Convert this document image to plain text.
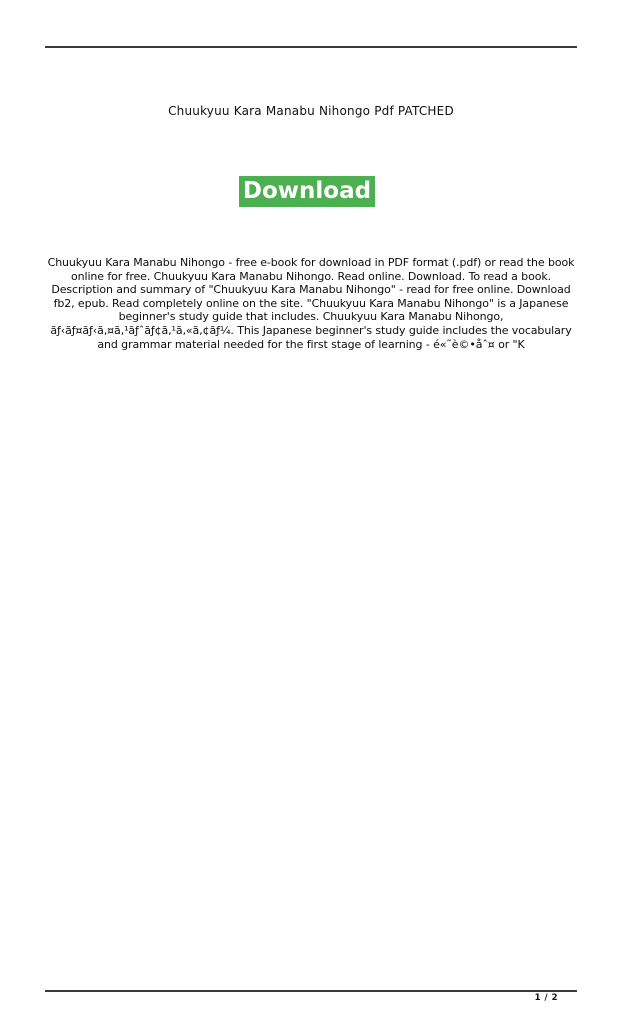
Chuukyuu Kara Manabu Nihongo Pdf PATCHED
Download
Chuukyuu Kara Manabu Nihongo - free e-book for download in PDF format (.pdf) or read the book
online for free. Chuukyuu Kara Manabu Nihongo. Read online. Download. To read a book.
Description and summary of "Chuukyuu Kara Manabu Nihongo" - read for free online. Download
fb2, epub. Read completely online on the site. "Chuukyuu Kara Manabu Nihongo" is a Japanese
beginner's study guide that includes. Chuukyuu Kara Manabu Nihongo,
ãƒ‹ãƒ¤ãƒ‹ã‚¤ã‚¹ãƒˆãƒ¢ã‚¹ã‚«ã‚¢ãƒ¼. This Japanese beginner's study guide includes the vocabulary
and grammar material needed for the first stage of learning - é«˜è©•åˆ¤ or "K
1 / 2
